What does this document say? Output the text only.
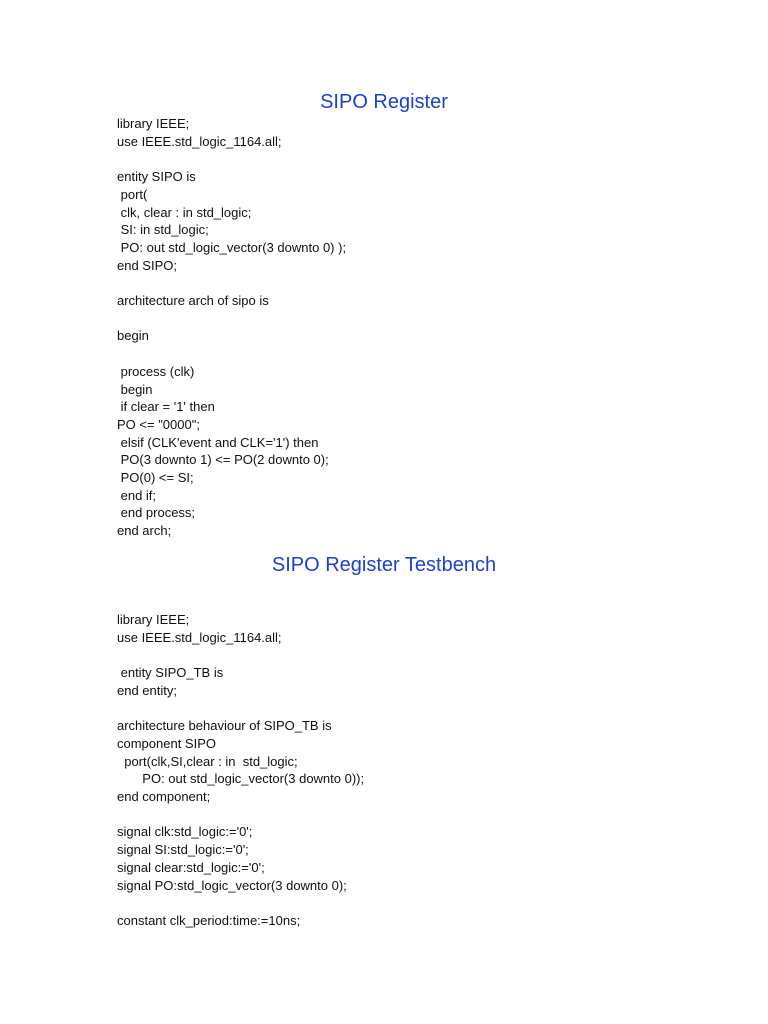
SIPO Register
library IEEE;
use IEEE.std_logic_1164.all;

entity SIPO is
port(
clk, clear : in std_logic;
SI: in std_logic;
PO: out std_logic_vector(3 downto 0) );
end SIPO;

architecture arch of sipo is

begin

process (clk)
begin
if clear = '1' then
PO <= "0000";
elsif (CLK'event and CLK='1') then
PO(3 downto 1) <= PO(2 downto 0);
PO(0) <= SI;
end if;
end process;
end arch;
SIPO Register Testbench
library IEEE;
use IEEE.std_logic_1164.all;

entity SIPO_TB is
end entity;

architecture behaviour of SIPO_TB is
component SIPO
port(clk,SI,clear : in  std_logic;
PO: out std_logic_vector(3 downto 0));
end component;

signal clk:std_logic:='0';
signal SI:std_logic:='0';
signal clear:std_logic:='0';
signal PO:std_logic_vector(3 downto 0);

constant clk_period:time:=10ns;
